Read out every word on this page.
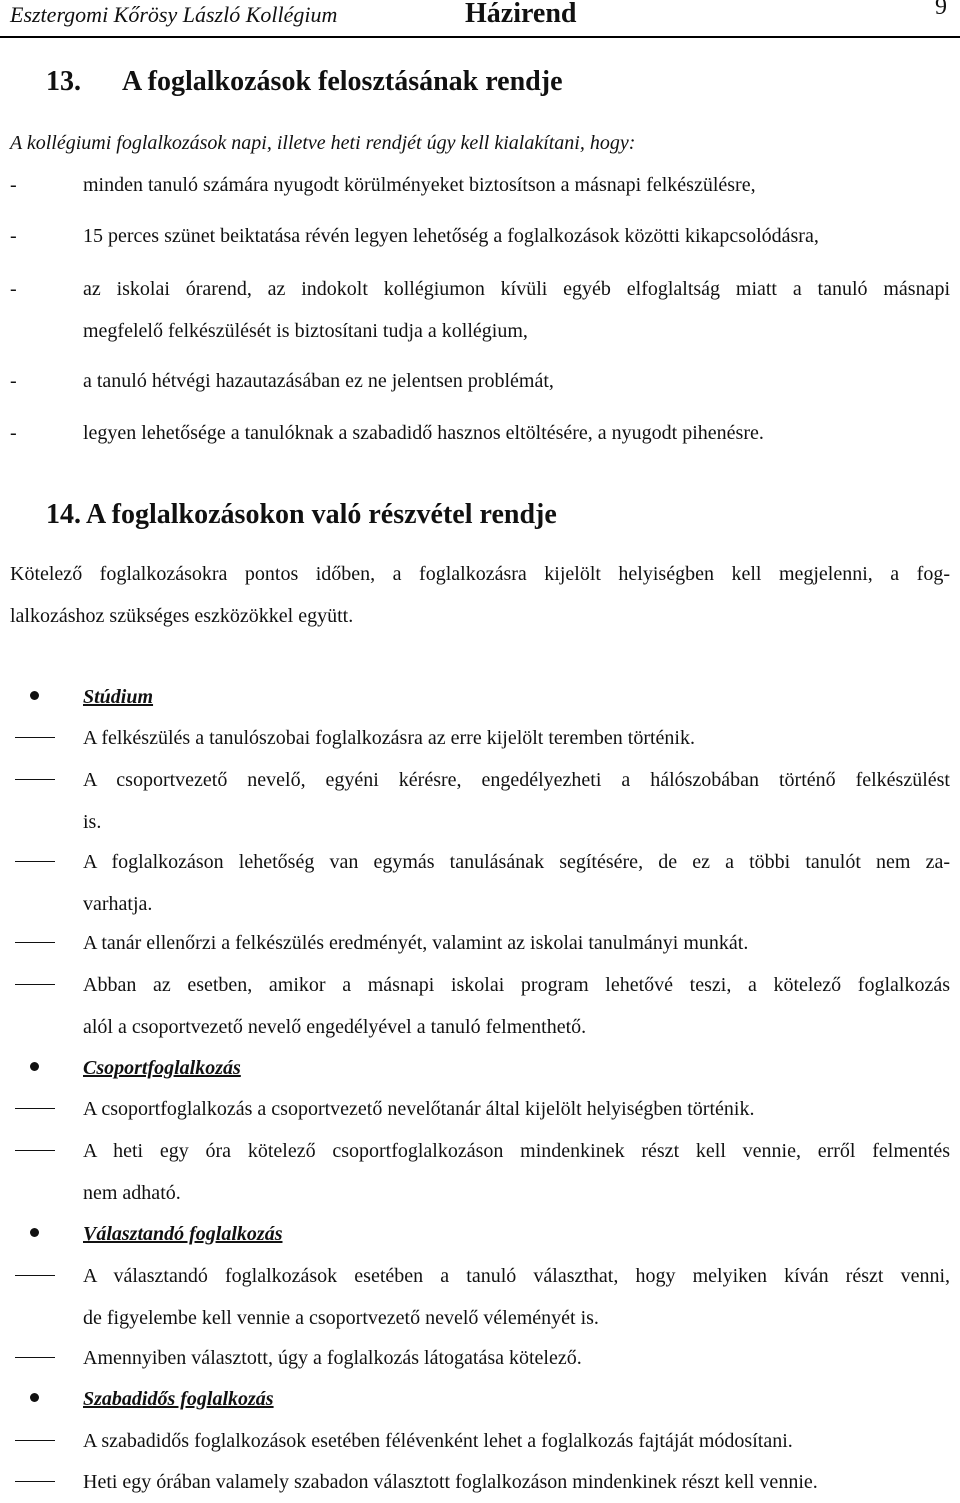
Esztergomi Kőrösy László Kollégium	Házirend	9
13. A foglalkozások felosztásának rendje
A kollégiumi foglalkozások napi, illetve heti rendjét úgy kell kialakítani, hogy:
-	minden tanuló számára nyugodt körülményeket biztosítson a másnapi felkészülésre,
-	15 perces szünet beiktatása révén legyen lehetőség a foglalkozások közötti kikapcsolódásra,
-	az iskolai órarend, az indokolt kollégiumon kívüli egyéb elfoglaltság miatt a tanuló másnapi
megfelelő felkészülését is biztosítani tudja a kollégium,
-	a tanuló hétvégi hazautazásában ez ne jelentsen problémát,
-	legyen lehetősége a tanulóknak a szabadidő hasznos eltöltésére, a nyugodt pihenésre.
14. A foglalkozásokon való részvétel rendje
Kötelező foglalkozásokra pontos időben, a foglalkozásra kijelölt helyiségben kell megjelenni, a fog-
lalkozáshoz szükséges eszközökkel együtt.
Stúdium
A felkészülés a tanulószobai foglalkozásra az erre kijelölt teremben történik.
A csoportvezető nevelő, egyéni kérésre, engedélyezheti a hálószobában történő felkészülést
is.
A foglalkozáson lehetőség van egymás tanulásának segítésére, de ez a többi tanulót nem za-
varhatja.
A tanár ellenőrzi a felkészülés eredményét, valamint az iskolai tanulmányi munkát.
Abban az esetben, amikor a másnapi iskolai program lehetővé teszi, a kötelező foglalkozás
alól a csoportvezető nevelő engedélyével a tanuló felmenthető.
Csoportfoglalkozás
A csoportfoglalkozás a csoportvezető nevelőtanár által kijelölt helyiségben történik.
A heti egy óra kötelező csoportfoglalkozáson mindenkinek részt kell vennie, erről felmentés
nem adható.
Választandó foglalkozás
A választandó foglalkozások esetében a tanuló választhat, hogy melyiken kíván részt venni,
de figyelembe kell vennie a csoportvezető nevelő véleményét is.
Amennyiben választott, úgy a foglalkozás látogatása kötelező.
Szabadidős foglalkozás
A szabadidős foglalkozások esetében félévenként lehet a foglalkozás fajtáját módosítani.
Heti egy órában valamely szabadon választott foglalkozáson mindenkinek részt kell vennie.
